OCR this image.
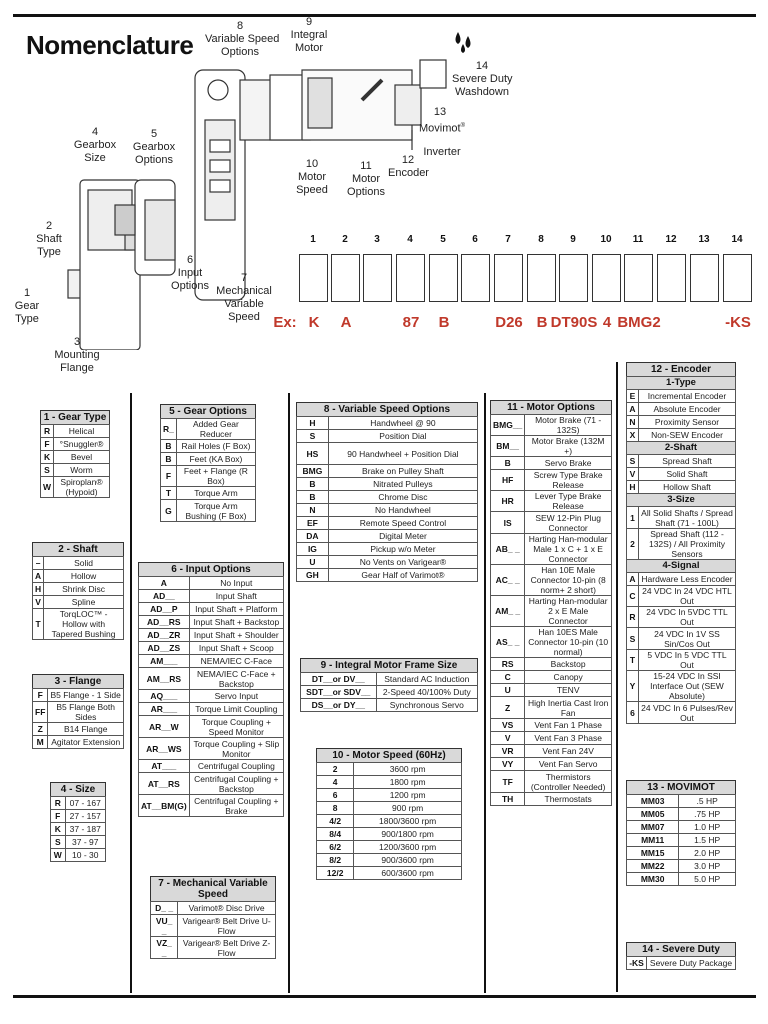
Nomenclature
1
Gear
Type
2
Shaft
Type
3
Mounting
Flange
4
Gearbox
Size
5
Gearbox
Options
6
Input
Options
7
Mechanical
Variable
Speed
8
Variable Speed
Options
9
Integral
Motor
10
Motor
Speed
11
Motor
Options
12
Encoder
13
Movimot®
Inverter
14
Severe Duty
Washdown
1	2	3	4	5	6	7	8	9	10	11	12	13	14
Ex: K	A	87	B	D26 B DT90S 4 BMG2	-KS
1 - Gear Type
R	Helical
F	°Snuggler®
K	Bevel
S	Worm
W	Spiroplan® (Hypoid)
2 - Shaft
–	Solid
A	Hollow
H	Shrink Disc
V	Spline
T	TorqLOC™ - Hollow with Tapered Bushing
3 - Flange
F	B5 Flange - 1 Side
FF	B5 Flange Both Sides
Z	B14 Flange
M	Agitator Extension
4 - Size
R	07 - 167
F	27 - 157
K	37 - 187
S	37 - 97
W	10 - 30
5 - Gear Options
R_	Added Gear Reducer
B	Rail Holes (F Box)
B	Feet (KA Box)
F	Feet + Flange (R Box)
T	Torque Arm
G	Torque Arm Bushing (F Box)
6 - Input Options
A	No Input
AD__	Input Shaft
AD__P	Input Shaft + Platform
AD__RS	Input Shaft + Backstop
AD__ZR	Input Shaft + Shoulder
AD__ZS	Input Shaft + Scoop
AM___	NEMA/IEC C-Face
AM__RS	NEMA/IEC C-Face + Backstop
AQ___	Servo Input
AR___	Torque Limit Coupling
AR__W	Torque Coupling + Speed Monitor
AR__WS	Torque Coupling + Slip Monitor
AT___	Centrifugal Coupling
AT__RS	Centrifugal Coupling + Backstop
AT__BM(G)	Centrifugal Coupling + Brake
7 - Mechanical Variable Speed
D_ _	Varimot® Disc Drive
VU_ _	Varigear® Belt Drive U-Flow
VZ_ _	Varigear® Belt Drive Z-Flow
8 - Variable Speed Options
H	Handwheel @ 90
S	Position Dial
HS	90 Handwheel + Position Dial
BMG	Brake on Pulley Shaft
B	Nitrated Pulleys
B	Chrome Disc
N	No Handwheel
EF	Remote Speed Control
DA	Digital Meter
IG	Pickup w/o Meter
U	No Vents on Varigear®
GH	Gear Half of Varimot®
9 - Integral Motor Frame Size
DT__or DV__	Standard AC Induction
SDT__or SDV__	2-Speed 40/100% Duty
DS__or DY__	Synchronous Servo
10 - Motor Speed (60Hz)
2	3600 rpm
4	1800 rpm
6	1200 rpm
8	900 rpm
4/2	1800/3600 rpm
8/4	900/1800 rpm
6/2	1200/3600 rpm
8/2	900/3600 rpm
12/2	600/3600 rpm
11 - Motor Options
BMG__	Motor Brake (71 - 132S)
BM__	Motor Brake (132M +)
B	Servo Brake
HF	Screw Type Brake Release
HR	Lever Type Brake Release
IS	SEW 12-Pin Plug Connector
AB_ _	Harting Han-modular Male 1 x C + 1 x E Connector
AC_ _	Han 10E Male Connector 10-pin (8 norm+ 2 short)
AM_ _	Harting Han-modular 2 x E Male Connector
AS_ _	Han 10ES Male Connector 10-pin (10 normal)
RS	Backstop
C	Canopy
U	TENV
Z	High Inertia Cast Iron Fan
VS	Vent Fan 1 Phase
V	Vent Fan 3 Phase
VR	Vent Fan 24V
VY	Vent Fan Servo
TF	Thermistors (Controller Needed)
TH	Thermostats
12 - Encoder
1-Type	
E	Incremental Encoder
A	Absolute Encoder
N	Proximity Sensor
X	Non-SEW Encoder
2-Shaft	
S	Spread Shaft
V	Solid Shaft
H	Hollow Shaft
3-Size	
1	All Solid Shafts / Spread Shaft (71 - 100L)
2	Spread Shaft (112 - 132S) / All Proximity Sensors
4-Signal	
A	Hardware Less Encoder
C	24 VDC In 24 VDC HTL Out
R	24 VDC In 5VDC TTL Out
S	24 VDC In 1V SS Sin/Cos Out
T	5 VDC In 5 VDC TTL Out
Y	15-24 VDC In SSI Interface Out (SEW Absolute)
6	24 VDC In 6 Pulses/Rev Out
13 - MOVIMOT
MM03	.5 HP
MM05	.75 HP
MM07	1.0 HP
MM11	1.5 HP
MM15	2.0 HP
MM22	3.0 HP
MM30	5.0 HP
14 - Severe Duty
-KS	Severe Duty Package
